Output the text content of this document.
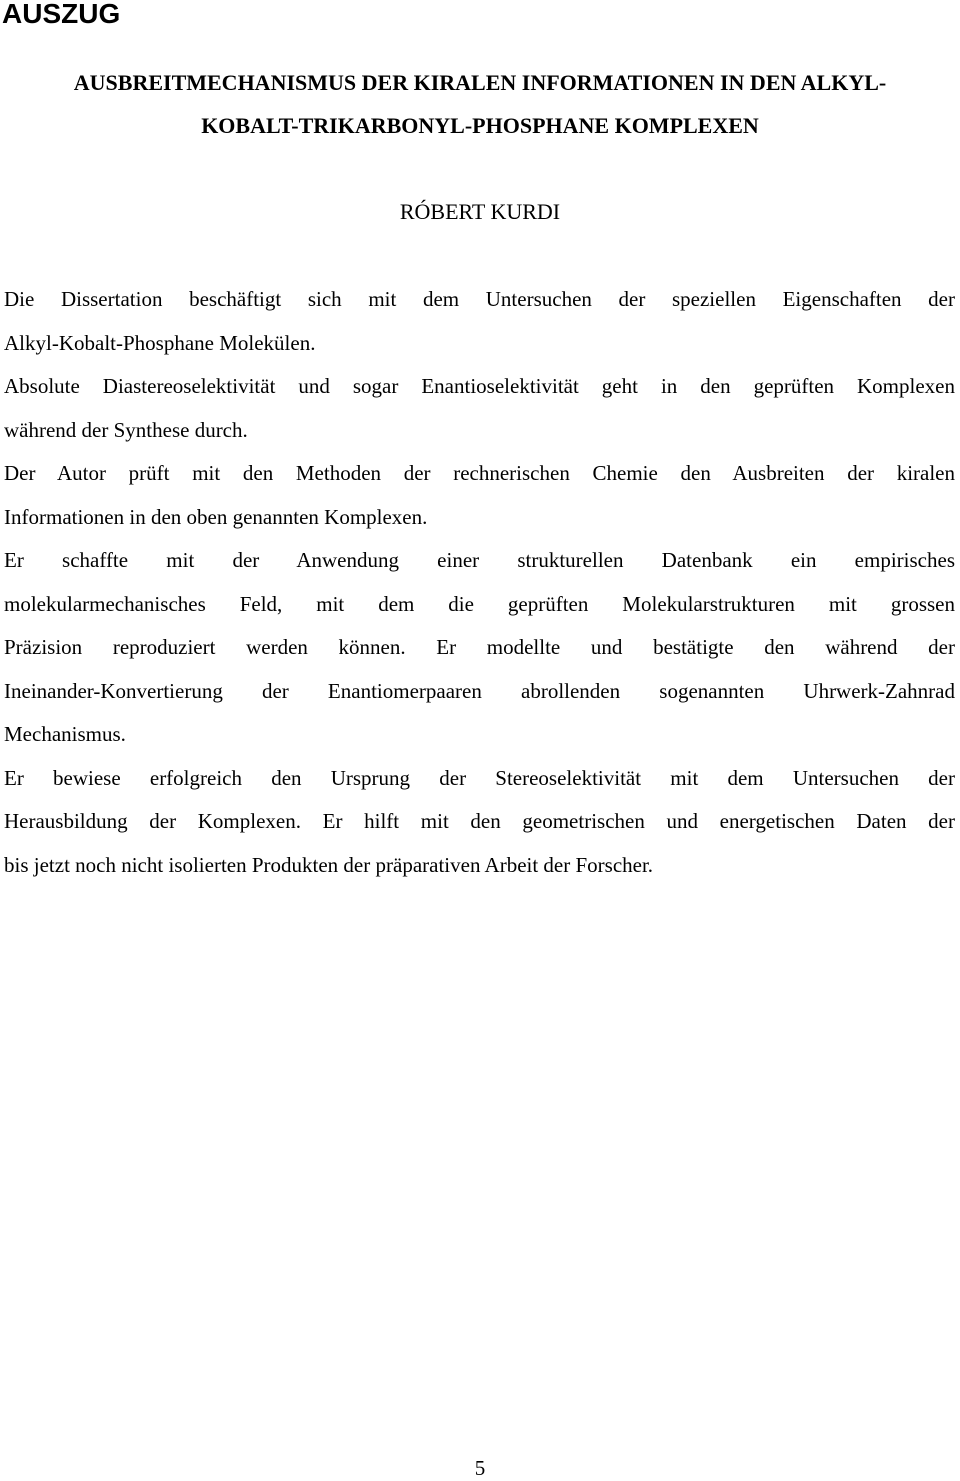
AUSZUG
AUSBREITMECHANISMUS DER KIRALEN INFORMATIONEN IN DEN ALKYL-
KOBALT-TRIKARBONYL-PHOSPHANE KOMPLEXEN

RÓBERT KURDI

Die Dissertation beschäftigt sich mit dem Untersuchen der speziellen Eigenschaften der

Alkyl-Kobalt-Phosphane Molekülen.

Absolute Diastereoselektivität und sogar Enantioselektivität geht in den geprüften Komplexen

während der Synthese durch.

Der Autor prüft mit den Methoden der rechnerischen Chemie den Ausbreiten der kiralen

Informationen in den oben genannten Komplexen.

Er schaffte mit der Anwendung einer strukturellen Datenbank ein empirisches

molekularmechanisches Feld, mit dem die geprüften Molekularstrukturen mit grossen

Präzision reproduziert werden können. Er modellte und bestätigte den während der

Ineinander-Konvertierung der Enantiomerpaaren abrollenden sogenannten Uhrwerk-Zahnrad

Mechanismus.

Er bewiese erfolgreich den Ursprung der Stereoselektivität mit dem Untersuchen der

Herausbildung der Komplexen. Er hilft mit den geometrischen und energetischen Daten der

bis jetzt noch nicht isolierten Produkten der präparativen Arbeit der Forscher.

5
